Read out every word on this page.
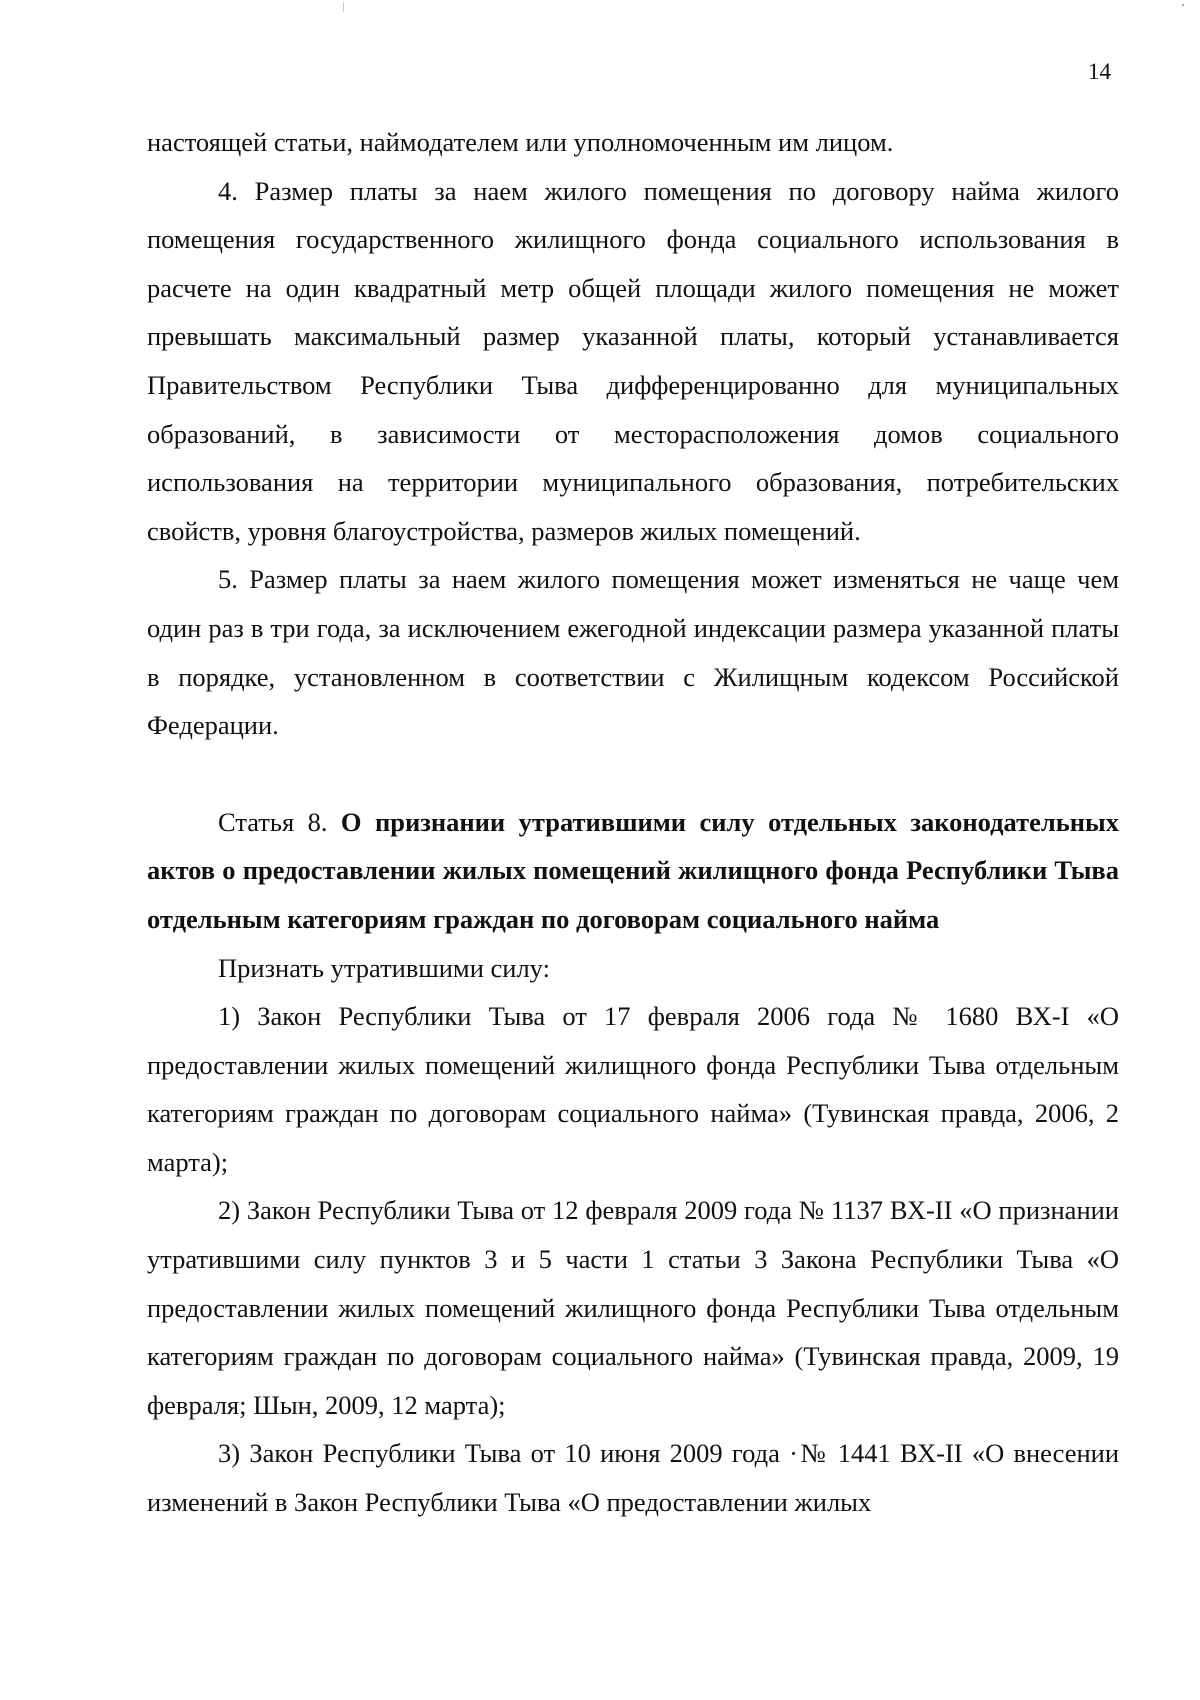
14

настоящей статьи, наймодателем или уполномоченным им лицом.

4. Размер платы за наем жилого помещения по договору найма жилого помещения государственного жилищного фонда социального использования в расчете на один квадратный метр общей площади жилого помещения не может превышать максимальный размер указанной платы, который устанавливается Правительством Республики Тыва дифференцированно для муниципальных образований, в зависимости от месторасположения домов социального использования на территории муниципального образования, потребительских свойств, уровня благоустройства, размеров жилых помещений.

5. Размер платы за наем жилого помещения может изменяться не чаще чем один раз в три года, за исключением ежегодной индексации размера указанной платы в порядке, установленном в соответствии с Жилищным кодексом Российской Федерации.

Статья 8. О признании утратившими силу отдельных законодательных актов о предоставлении жилых помещений жилищного фонда Республики Тыва отдельным категориям граждан по договорам социального найма

Признать утратившими силу:

1) Закон Республики Тыва от 17 февраля 2006 года № 1680 ВХ-I «О предоставлении жилых помещений жилищного фонда Республики Тыва отдельным категориям граждан по договорам социального найма» (Тувинская правда, 2006, 2 марта);

2) Закон Республики Тыва от 12 февраля 2009 года № 1137 ВХ-II «О признании утратившими силу пунктов 3 и 5 части 1 статьи 3 Закона Республики Тыва «О предоставлении жилых помещений жилищного фонда Республики Тыва отдельным категориям граждан по договорам социального найма» (Тувинская правда, 2009, 19 февраля; Шын, 2009, 12 марта);

3) Закон Республики Тыва от 10 июня 2009 года ·№ 1441 ВХ-II «О внесении изменений в Закон Республики Тыва «О предоставлении жилых
